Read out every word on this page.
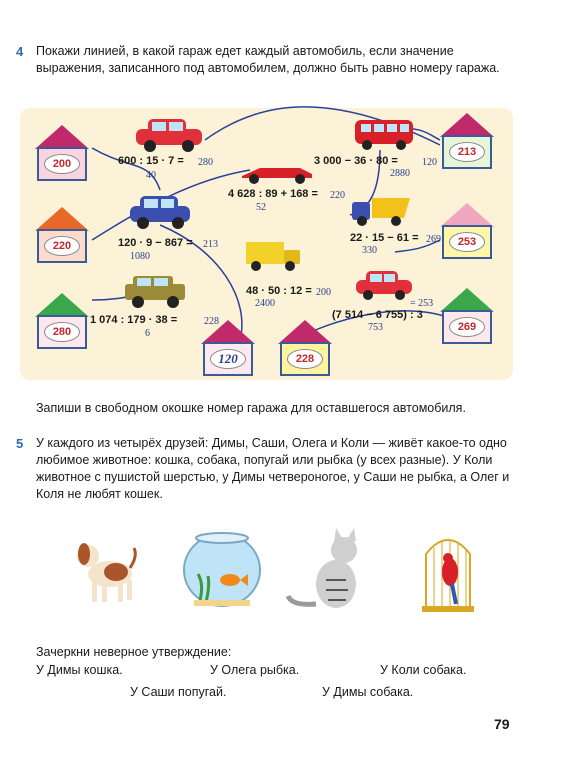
4 Покажи линией, в какой гараж едет каждый автомобиль, если значение выражения, записанного под автомобилем, должно быть равно номеру гаража.
200
220
280
213
253
269
120	228
600 : 15 · 7 = 280
40
4 628 : 89 + 168 = 220
52
3 000 − 36 · 80 = 120
2880
120 · 9 − 867 = 213
1080
22 · 15 − 61 = 269
330
48 · 50 : 12 = 200
2400
1 074 : 179 · 38 =	228
6
= 253
(7 514 − 6 755) : 3
753
Запиши в свободном окошке номер гаража для оставшегося автомобиля.
5 У каждого из четырёх друзей: Димы, Саши, Олега и Коли — живёт какое-то одно любимое животное: кошка, собака, попугай или рыбка (у всех разные). У Коли животное с пушистой шерстью, у Димы четвероногое, у Саши не рыбка, а Олег и Коля не любят кошек.
Зачеркни неверное утверждение:
У Димы кошка.	У Олега рыбка.	У Коли собака.
У Саши попугай.	У Димы собака.
79
